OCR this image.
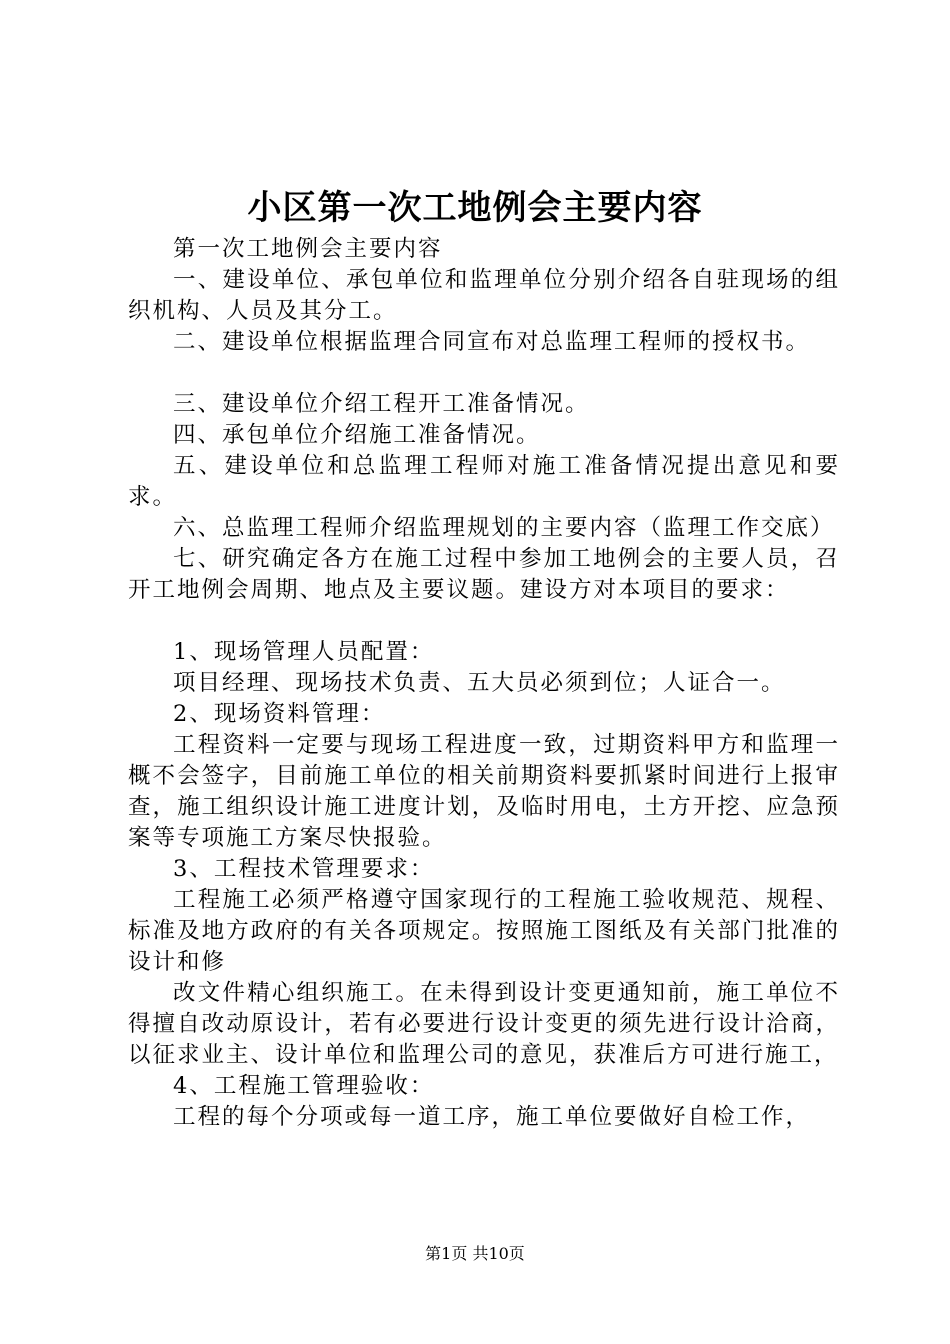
小区第一次工地例会主要内容

第一次工地例会主要内容

一、建设单位、承包单位和监理单位分别介绍各自驻现场的组织机构、人员及其分工。

二、建设单位根据监理合同宣布对总监理工程师的授权书。

三、建设单位介绍工程开工准备情况。

四、承包单位介绍施工准备情况。

五、建设单位和总监理工程师对施工准备情况提出意见和要求。

六、总监理工程师介绍监理规划的主要内容（监理工作交底）

七、研究确定各方在施工过程中参加工地例会的主要人员，召开工地例会周期、地点及主要议题。建设方对本项目的要求：

1、现场管理人员配置：

项目经理、现场技术负责、五大员必须到位；人证合一。

2、现场资料管理：

工程资料一定要与现场工程进度一致，过期资料甲方和监理一概不会签字，目前施工单位的相关前期资料要抓紧时间进行上报审查，施工组织设计施工进度计划，及临时用电，土方开挖、应急预案等专项施工方案尽快报验。

3、工程技术管理要求：

工程施工必须严格遵守国家现行的工程施工验收规范、规程、标准及地方政府的有关各项规定。按照施工图纸及有关部门批准的设计和修

改文件精心组织施工。在未得到设计变更通知前，施工单位不得擅自改动原设计，若有必要进行设计变更的须先进行设计洽商，以征求业主、设计单位和监理公司的意见，获准后方可进行施工，

4、工程施工管理验收：

工程的每个分项或每一道工序，施工单位要做好自检工作，

第1页 共10页
